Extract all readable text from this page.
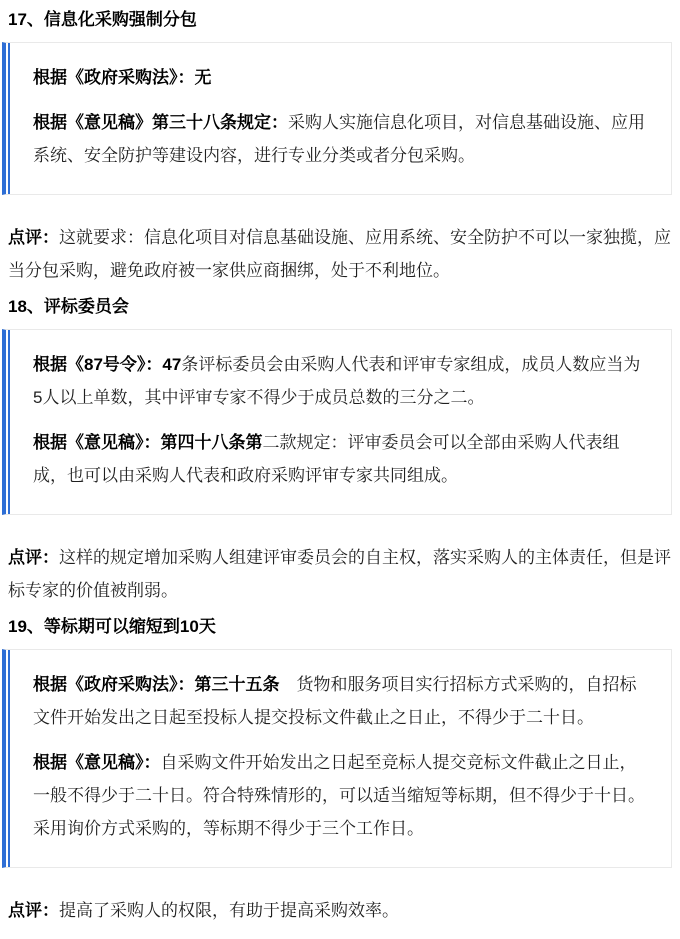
17、信息化采购强制分包

根据《政府采购法》：无

根据《意见稿》第三十八条规定：采购人实施信息化项目，对信息基础设施、应用系统、安全防护等建设内容，进行专业分类或者分包采购。

点评：这就要求：信息化项目对信息基础设施、应用系统、安全防护不可以一家独揽，应当分包采购，避免政府被一家供应商捆绑，处于不利地位。

18、评标委员会

根据《87号令》：47条评标委员会由采购人代表和评审专家组成，成员人数应当为5人以上单数，其中评审专家不得少于成员总数的三分之二。

根据《意见稿》：第四十八条第二款规定：评审委员会可以全部由采购人代表组成，也可以由采购人代表和政府采购评审专家共同组成。

点评：这样的规定增加采购人组建评审委员会的自主权，落实采购人的主体责任，但是评标专家的价值被削弱。

19、等标期可以缩短到10天

根据《政府采购法》：第三十五条　货物和服务项目实行招标方式采购的，自招标文件开始发出之日起至投标人提交投标文件截止之日止，不得少于二十日。

根据《意见稿》：自采购文件开始发出之日起至竞标人提交竞标文件截止之日止，一般不得少于二十日。符合特殊情形的，可以适当缩短等标期，但不得少于十日。采用询价方式采购的，等标期不得少于三个工作日。

点评：提高了采购人的权限，有助于提高采购效率。
